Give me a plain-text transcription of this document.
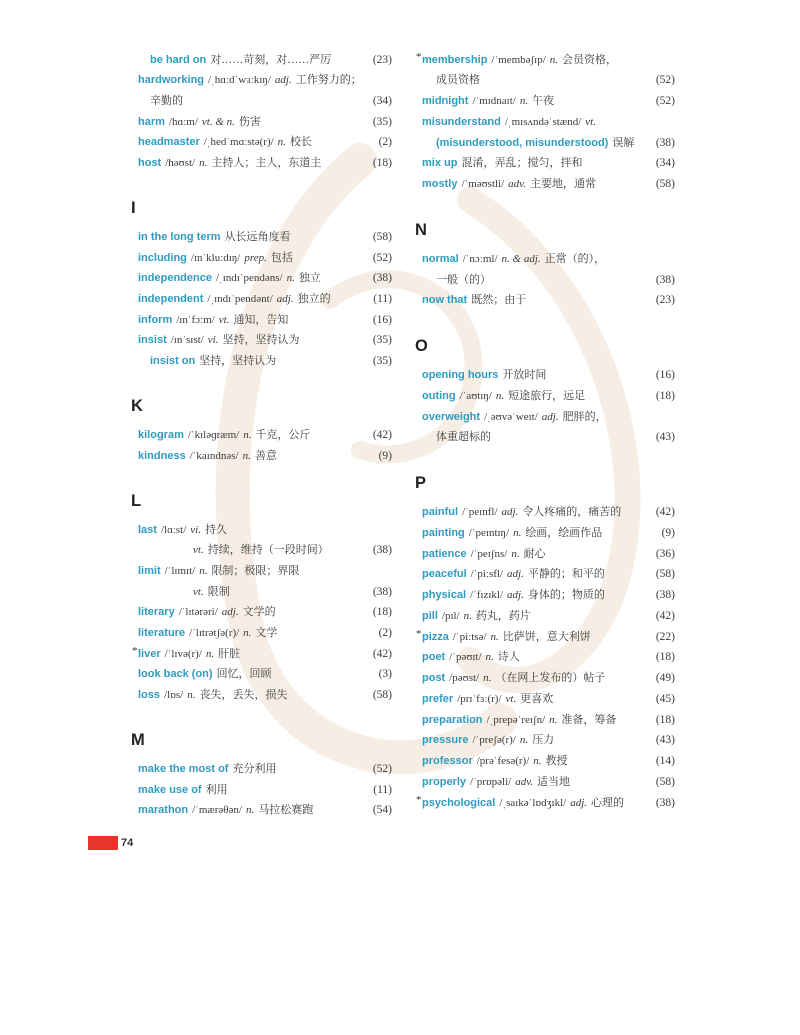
be hard on 对……苛刻，对……严厉	(23)
hardworking /ˌhɑːdˈwɜːkɪŋ/ adj. 工作努力的；
辛勤的	(34)
harm /hɑːm/ vt. & n. 伤害	(35)
headmaster /ˌhedˈmɑːstə(r)/ n. 校长	(2)
host /həʊst/ n. 主持人；主人，东道主	(18)
I
in the long term 从长远角度看	(58)
including /ɪnˈkluːdɪŋ/ prep. 包括	(52)
independence /ˌɪndɪˈpendəns/ n. 独立	(38)
independent /ˌɪndɪˈpendənt/ adj. 独立的	(11)
inform /ɪnˈfɔːm/ vt. 通知，告知	(16)
insist /ɪnˈsɪst/ vi. 坚持，坚持认为	(35)
insist on 坚持，坚持认为	(35)
K
kilogram /ˈkɪləɡræm/ n. 千克，公斤	(42)
kindness /ˈkaɪndnəs/ n. 善意	(9)
L
last /lɑːst/ vi. 持久
vt. 持续，维持（一段时间）	(38)
limit /ˈlɪmɪt/ n. 限制；极限；界限
vt. 限制	(38)
literary /ˈlɪtərəri/ adj. 文学的	(18)
literature /ˈlɪtrətʃə(r)/ n. 文学	(2)
* liver /ˈlɪvə(r)/ n. 肝脏	(42)
look back (on) 回忆，回顾	(3)
loss /lɒs/ n. 丧失，丢失，损失	(58)
M
make the most of 充分利用	(52)
make use of 利用	(11)
marathon /ˈmærəθən/ n. 马拉松赛跑	(54)
* membership /ˈmembəʃɪp/ n. 会员资格，
成员资格	(52)
midnight /ˈmɪdnaɪt/ n. 午夜	(52)
misunderstand /ˌmɪsʌndəˈstænd/ vt.
(misunderstood, misunderstood) 误解 (38)
mix up 混淆，弄乱；搅匀，拌和	(34)
mostly /ˈməʊstli/ adv. 主要地，通常	(58)
N
normal /ˈnɔːml/ n. & adj. 正常（的），
一般（的）	(38)
now that 既然；由于	(23)
O
opening hours 开放时间	(16)
outing /ˈaʊtɪŋ/ n. 短途旅行，远足	(18)
overweight /ˌəʊvəˈweɪt/ adj. 肥胖的，
体重超标的	(43)
P
painful /ˈpeɪnfl/ adj. 令人疼痛的，痛苦的	(42)
painting /ˈpeɪntɪŋ/ n. 绘画，绘画作品	(9)
patience /ˈpeɪʃns/ n. 耐心	(36)
peaceful /ˈpiːsfl/ adj. 平静的；和平的	(58)
physical /ˈfɪzɪkl/ adj. 身体的；物质的	(38)
pill /pɪl/ n. 药丸，药片	(42)
* pizza /ˈpiːtsə/ n. 比萨饼，意大利饼	(22)
poet /ˈpəʊɪt/ n. 诗人	(18)
post /pəʊst/ n. （在网上发布的）帖子	(49)
prefer /prɪˈfɜː(r)/ vt. 更喜欢	(45)
preparation /ˌprepəˈreɪʃn/ n. 准备，筹备	(18)
pressure /ˈpreʃə(r)/ n. 压力	(43)
professor /prəˈfesə(r)/ n. 教授	(14)
properly /ˈprɒpəli/ adv. 适当地	(58)
* psychological /ˌsaɪkəˈlɒdʒɪkl/ adj. 心理的	(38)
74
